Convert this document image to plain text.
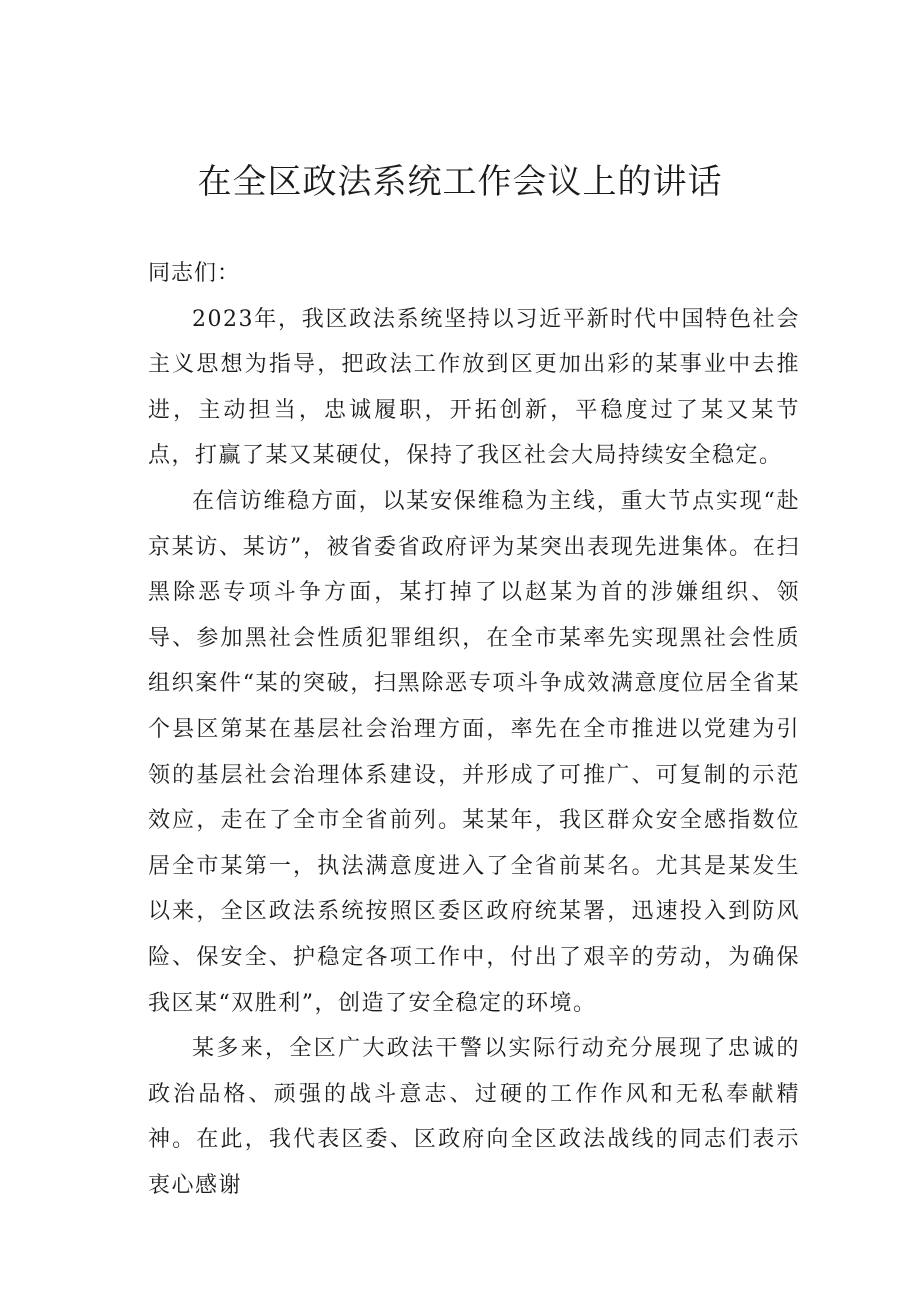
在全区政法系统工作会议上的讲话

同志们：

2023年，我区政法系统坚持以习近平新时代中国特色社会主义思想为指导，把政法工作放到区更加出彩的某事业中去推进，主动担当，忠诚履职，开拓创新，平稳度过了某又某节点，打赢了某又某硬仗，保持了我区社会大局持续安全稳定。

在信访维稳方面，以某安保维稳为主线，重大节点实现“赴京某访、某访”，被省委省政府评为某突出表现先进集体。在扫黑除恶专项斗争方面，某打掉了以赵某为首的涉嫌组织、领导、参加黑社会性质犯罪组织，在全市某率先实现黑社会性质组织案件“某的突破，扫黑除恶专项斗争成效满意度位居全省某个县区第某在基层社会治理方面，率先在全市推进以党建为引领的基层社会治理体系建设，并形成了可推广、可复制的示范效应，走在了全市全省前列。某某年，我区群众安全感指数位居全市某第一，执法满意度进入了全省前某名。尤其是某发生以来，全区政法系统按照区委区政府统某署，迅速投入到防风险、保安全、护稳定各项工作中，付出了艰辛的劳动，为确保我区某“双胜利”，创造了安全稳定的环境。

某多来，全区广大政法干警以实际行动充分展现了忠诚的政治品格、顽强的战斗意志、过硬的工作作风和无私奉献精神。在此，我代表区委、区政府向全区政法战线的同志们表示衷心感谢
